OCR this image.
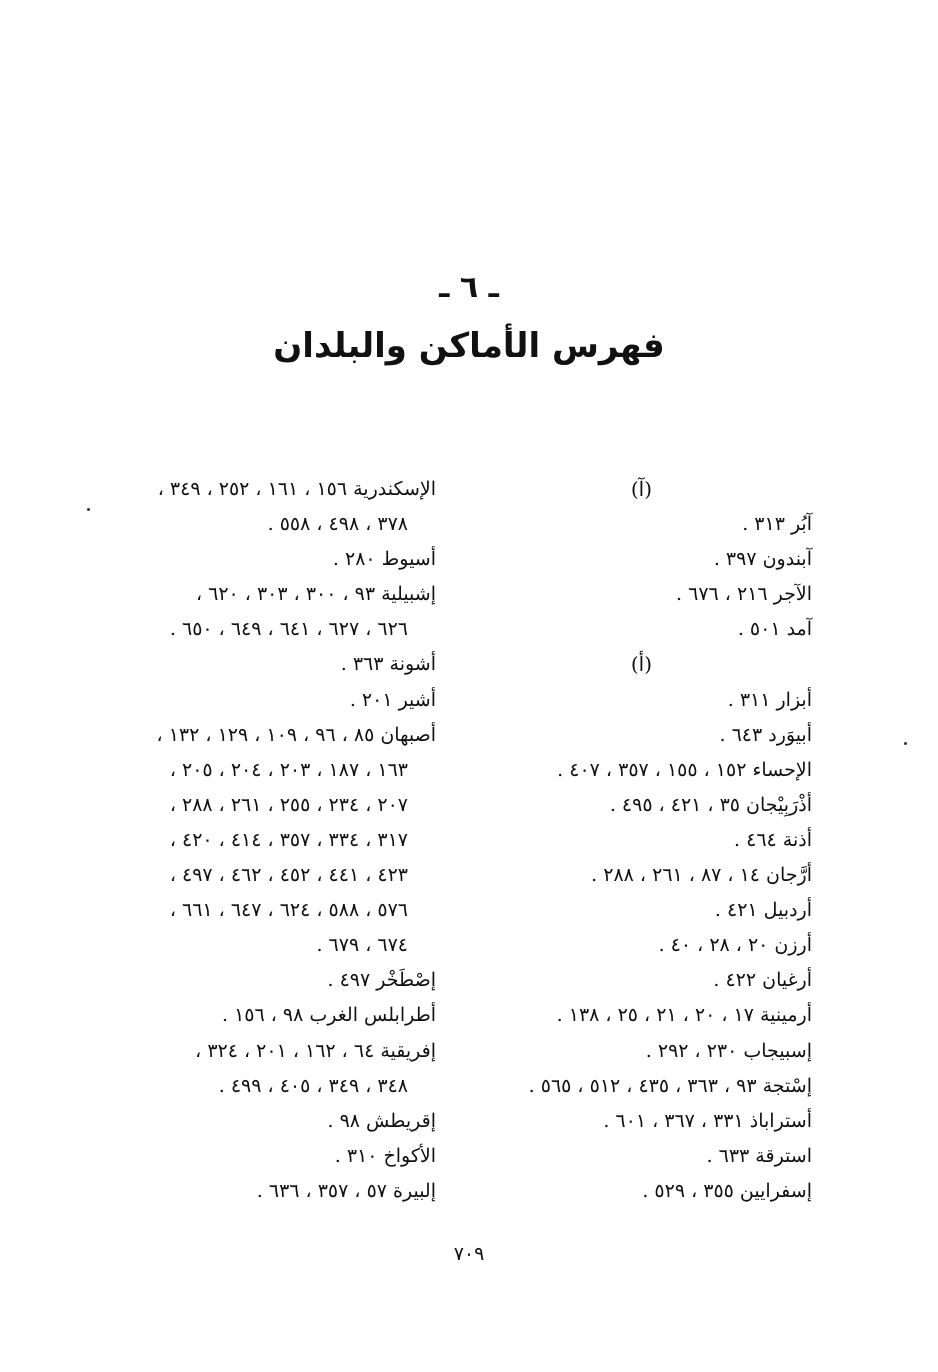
ـ ٦ ـ
فهرس الأماكن والبلدان
(آ)
آبُر ٣١٣ .
آبندون ٣٩٧ .
الآجر ٢١٦ ، ٦٧٦ .
آمد ٥٠١ .
(أ)
أبزار ٣١١ .
أبيوَرد ٦٤٣ .
الإحساء ١٥٢ ، ١٥٥ ، ٣٥٧ ، ٤٠٧ .
أذْرَبِيْجان ٣٥ ، ٤٢١ ، ٤٩٥ .
أذنة ٤٦٤ .
أرَّجان ١٤ ، ٨٧ ، ٢٦١ ، ٢٨٨ .
أردبيل ٤٢١ .
أرزن ٢٠ ، ٢٨ ، ٤٠ .
أرغيان ٤٢٢ .
أرمينية ١٧ ، ٢٠ ، ٢١ ، ٢٥ ، ١٣٨ .
إسبيجاب ٢٣٠ ، ٢٩٢ .
إسْتجة ٩٣ ، ٣٦٣ ، ٤٣٥ ، ٥١٢ ، ٥٦٥ .
أستراباذ ٣٣١ ، ٣٦٧ ، ٦٠١ .
استرقة ٦٣٣ .
إسفرايين ٣٥٥ ، ٥٢٩ .
الإسكندرية ١٥٦ ، ١٦١ ، ٢٥٢ ، ٣٤٩ ،
٣٧٨ ، ٤٩٨ ، ٥٥٨ .
أسيوط ٢٨٠ .
إشبيلية ٩٣ ، ٣٠٠ ، ٣٠٣ ، ٦٢٠ ،
٦٢٦ ، ٦٢٧ ، ٦٤١ ، ٦٤٩ ، ٦٥٠ .
أشونة ٣٦٣ .
أشير ٢٠١ .
أصبهان ٨٥ ، ٩٦ ، ١٠٩ ، ١٢٩ ، ١٣٢ ،
١٦٣ ، ١٨٧ ، ٢٠٣ ، ٢٠٤ ، ٢٠٥ ،
٢٠٧ ، ٢٣٤ ، ٢٥٥ ، ٢٦١ ، ٢٨٨ ،
٣١٧ ، ٣٣٤ ، ٣٥٧ ، ٤١٤ ، ٤٢٠ ،
٤٢٣ ، ٤٤١ ، ٤٥٢ ، ٤٦٢ ، ٤٩٧ ،
٥٧٦ ، ٥٨٨ ، ٦٢٤ ، ٦٤٧ ، ٦٦١ ،
٦٧٤ ، ٦٧٩ .
إصْطَخْر ٤٩٧ .
أطرابلس الغرب ٩٨ ، ١٥٦ .
إفريقية ٦٤ ، ١٦٢ ، ٢٠١ ، ٣٢٤ ،
٣٤٨ ، ٣٤٩ ، ٤٠٥ ، ٤٩٩ .
إقريطش ٩٨ .
الأكواخ ٣١٠ .
إلبيرة ٥٧ ، ٣٥٧ ، ٦٣٦ .
٧٠٩
